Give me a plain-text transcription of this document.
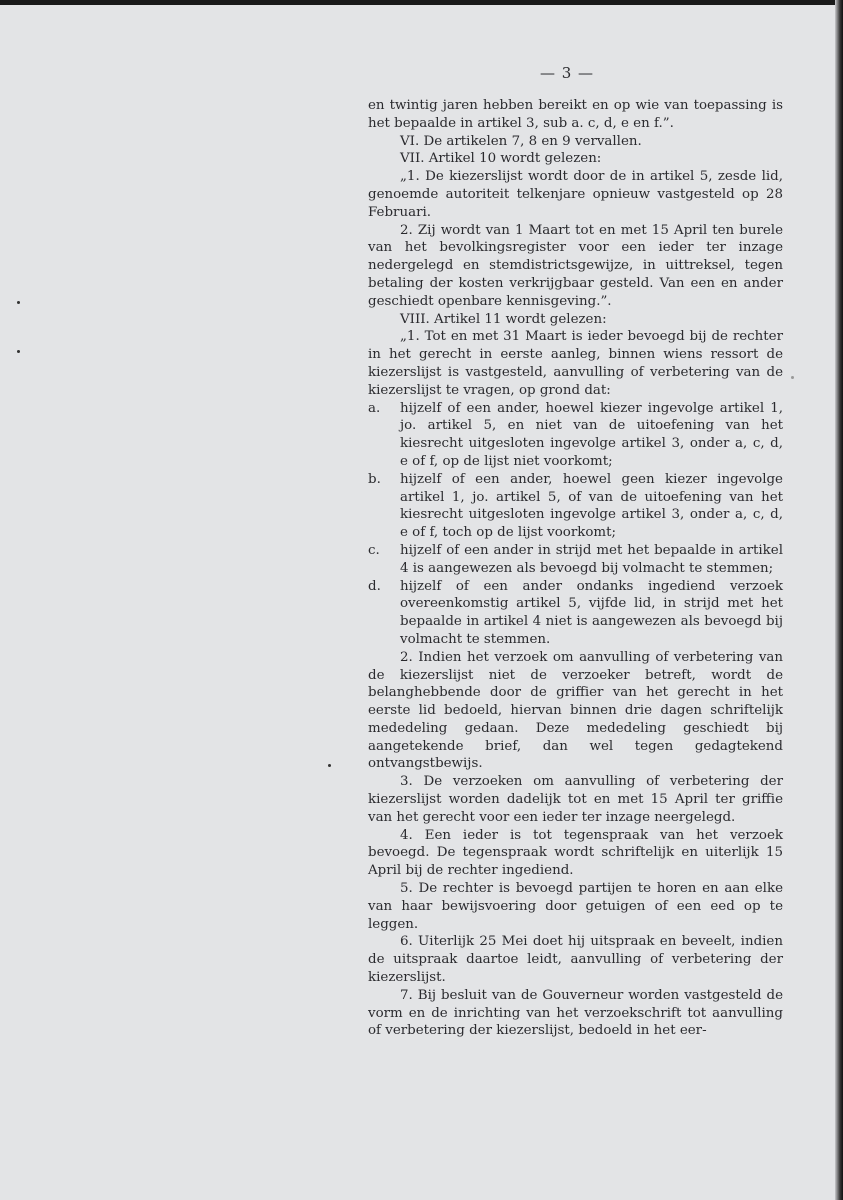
— 3 —

en twintig jaren hebben bereikt en op wie van toepassing is het bepaalde in artikel 3, sub a. c, d, e en f.”.

VI. De artikelen 7, 8 en 9 vervallen.

VII. Artikel 10 wordt gelezen:

„1. De kiezerslijst wordt door de in artikel 5, zesde lid, genoemde autoriteit telkenjare opnieuw vastgesteld op 28 Februari.

2. Zij wordt van 1 Maart tot en met 15 April ten burele van het bevolkingsregister voor een ieder ter inzage nedergelegd en stemdistrictsgewijze, in uittreksel, tegen betaling der kosten verkrijgbaar gesteld. Van een en ander geschiedt openbare kennisgeving.”.

VIII. Artikel 11 wordt gelezen:

„1. Tot en met 31 Maart is ieder bevoegd bij de rechter in het gerecht in eerste aanleg, binnen wiens ressort de kiezerslijst is vastgesteld, aanvulling of verbetering van de kiezerslijst te vragen, op grond dat:

a.	hijzelf of een ander, hoewel kiezer ingevolge artikel 1, jo. artikel 5, en niet van de uitoefening van het kiesrecht uitgesloten ingevolge artikel 3, onder a, c, d, e of f, op de lijst niet voorkomt;
b.	hijzelf of een ander, hoewel geen kiezer ingevolge artikel 1, jo. artikel 5, of van de uitoefening van het kiesrecht uitgesloten ingevolge artikel 3, onder a, c, d, e of f, toch op de lijst voorkomt;
c.	hijzelf of een ander in strijd met het bepaalde in artikel 4 is aangewezen als bevoegd bij volmacht te stemmen;
d.	hijzelf of een ander ondanks ingediend verzoek overeenkomstig artikel 5, vijfde lid, in strijd met het bepaalde in artikel 4 niet is aangewezen als bevoegd bij volmacht te stemmen.

2. Indien het verzoek om aanvulling of verbetering van de kiezerslijst niet de verzoeker betreft, wordt de belanghebbende door de griffier van het gerecht in het eerste lid bedoeld, hiervan binnen drie dagen schriftelijk mededeling gedaan. Deze mededeling geschiedt bij aangetekende brief, dan wel tegen gedagtekend ontvangstbewijs.

3. De verzoeken om aanvulling of verbetering der kiezerslijst worden dadelijk tot en met 15 April ter griffie van het gerecht voor een ieder ter inzage neergelegd.

4. Een ieder is tot tegenspraak van het verzoek bevoegd. De tegenspraak wordt schriftelijk en uiterlijk 15 April bij de rechter ingediend.

5. De rechter is bevoegd partijen te horen en aan elke van haar bewijsvoering door getuigen of een eed op te leggen.

6. Uiterlijk 25 Mei doet hij uitspraak en beveelt, indien de uitspraak daartoe leidt, aanvulling of verbetering der kiezerslijst.

7. Bij besluit van de Gouverneur worden vastgesteld de vorm en de inrichting van het verzoekschrift tot aanvulling of verbetering der kiezerslijst, bedoeld in het eer-
